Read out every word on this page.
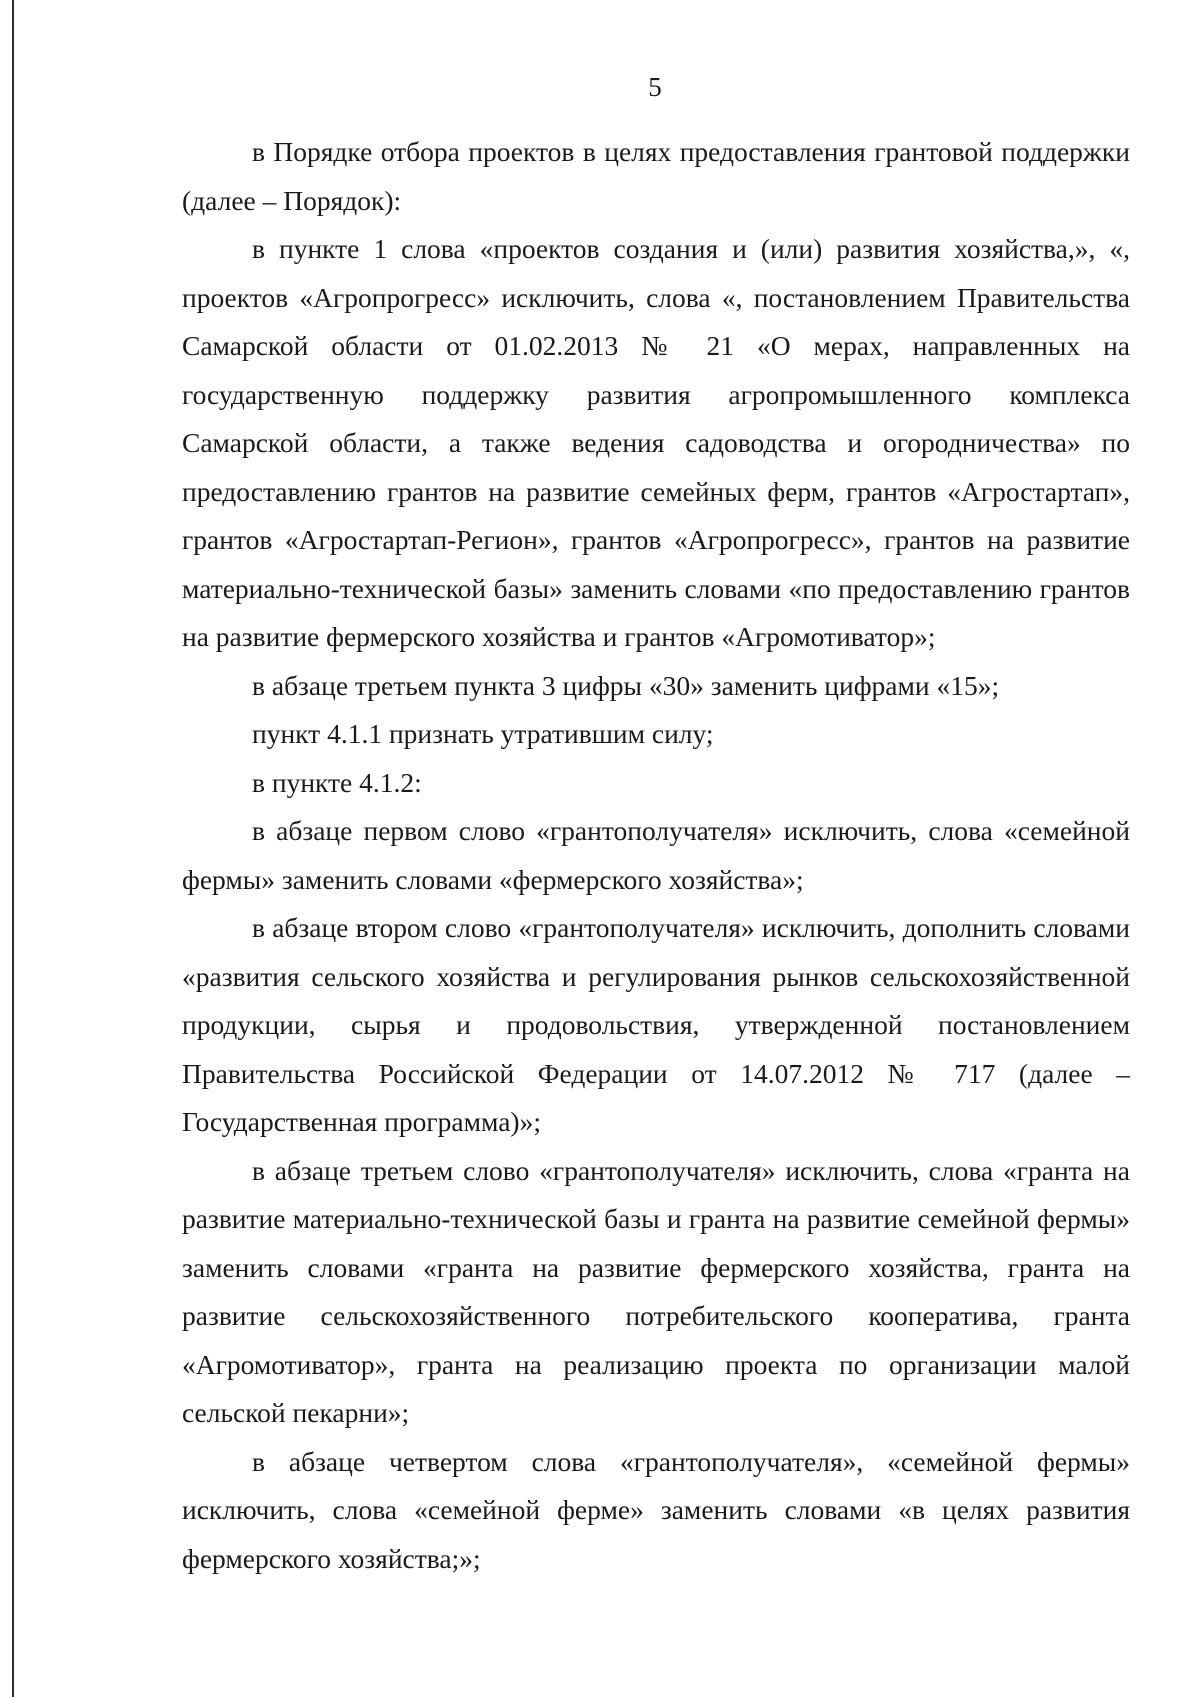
5

в Порядке отбора проектов в целях предоставления грантовой поддержки (далее – Порядок):

в пункте 1 слова «проектов создания и (или) развития хозяйства,», «, проектов «Агропрогресс» исключить, слова «, постановлением Правительства Самарской области от 01.02.2013 № 21 «О мерах, направленных на государственную поддержку развития агропромышленного комплекса Самарской области, а также ведения садоводства и огородничества» по предоставлению грантов на развитие семейных ферм, грантов «Агростартап», грантов «Агростартап-Регион», грантов «Агропрогресс», грантов на развитие материально-технической базы» заменить словами «по предоставлению грантов на развитие фермерского хозяйства и грантов «Агромотиватор»;

в абзаце третьем пункта 3 цифры «30» заменить цифрами «15»;

пункт 4.1.1 признать утратившим силу;

в пункте 4.1.2:

в абзаце первом слово «грантополучателя» исключить, слова «семейной фермы» заменить словами «фермерского хозяйства»;

в абзаце втором слово «грантополучателя» исключить, дополнить словами «развития сельского хозяйства и регулирования рынков сельскохозяйственной продукции, сырья и продовольствия, утвержденной постановлением Правительства Российской Федерации от 14.07.2012 № 717 (далее – Государственная программа)»;

в абзаце третьем слово «грантополучателя» исключить, слова «гранта на развитие материально-технической базы и гранта на развитие семейной фермы» заменить словами «гранта на развитие фермерского хозяйства, гранта на развитие сельскохозяйственного потребительского кооператива, гранта «Агромотиватор», гранта на реализацию проекта по организации малой сельской пекарни»;

в абзаце четвертом слова «грантополучателя», «семейной фермы» исключить, слова «семейной ферме» заменить словами «в целях развития фермерского хозяйства;»;
